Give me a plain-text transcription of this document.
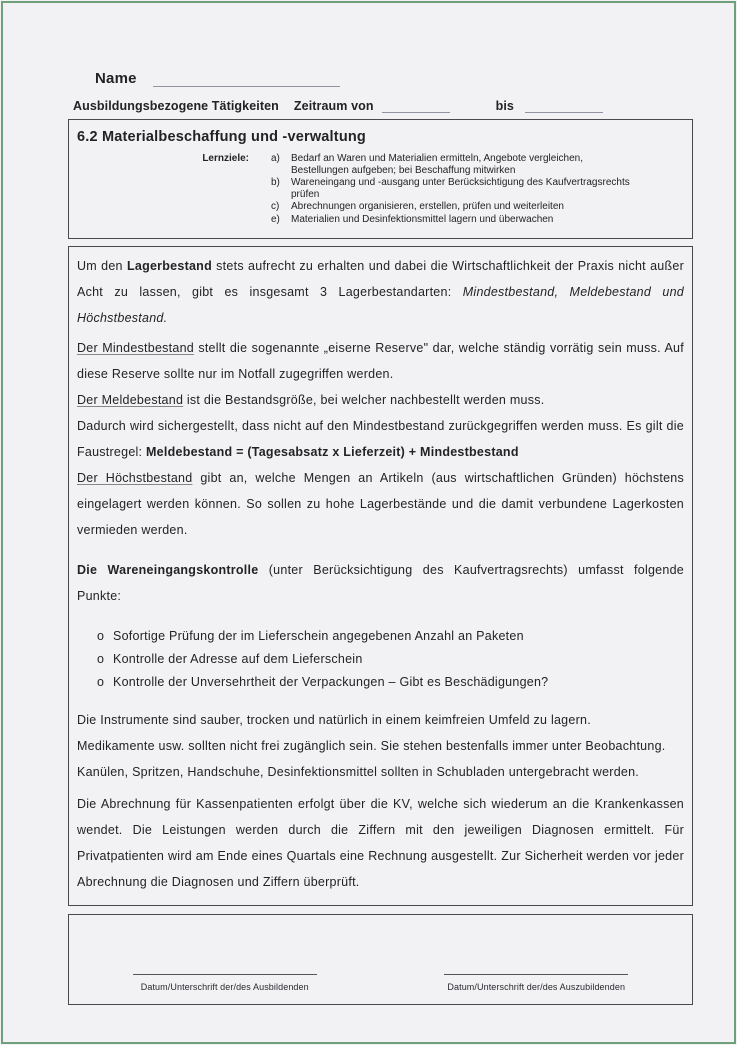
Name
Ausbildungsbezogene Tätigkeiten Zeitraum von	bis
6.2 Materialbeschaffung und -verwaltung
Lernziele: a)	Bedarf an Waren und Materialien ermitteln, Angebote vergleichen, Bestellungen aufgeben; bei Beschaffung mitwirken
b)	Wareneingang und -ausgang unter Berücksichtigung des Kaufvertragsrechts prüfen
c)	Abrechnungen organisieren, erstellen, prüfen und weiterleiten
e)	Materialien und Desinfektionsmittel lagern und überwachen

Um den Lagerbestand stets aufrecht zu erhalten und dabei die Wirtschaftlichkeit der Praxis nicht außer Acht zu lassen, gibt es insgesamt 3 Lagerbestandarten: Mindestbestand, Meldebestand und Höchstbestand.

Der Mindestbestand stellt die sogenannte „eiserne Reserve" dar, welche ständig vorrätig sein muss. Auf diese Reserve sollte nur im Notfall zugegriffen werden.

Der Meldebestand ist die Bestandsgröße, bei welcher nachbestellt werden muss.

Dadurch wird sichergestellt, dass nicht auf den Mindestbestand zurückgegriffen werden muss. Es gilt die Faustregel: Meldebestand = (Tagesabsatz x Lieferzeit) + Mindestbestand

Der Höchstbestand gibt an, welche Mengen an Artikeln (aus wirtschaftlichen Gründen) höchstens eingelagert werden können. So sollen zu hohe Lagerbestände und die damit verbundene Lagerkosten vermieden werden.

Die Wareneingangskontrolle (unter Berücksichtigung des Kaufvertragsrechts) umfasst folgende Punkte:

o Sofortige Prüfung der im Lieferschein angegebenen Anzahl an Paketen
o Kontrolle der Adresse auf dem Lieferschein
o Kontrolle der Unversehrtheit der Verpackungen – Gibt es Beschädigungen?

Die Instrumente sind sauber, trocken und natürlich in einem keimfreien Umfeld zu lagern.

Medikamente usw. sollten nicht frei zugänglich sein. Sie stehen bestenfalls immer unter Beobachtung.

Kanülen, Spritzen, Handschuhe, Desinfektionsmittel sollten in Schubladen untergebracht werden.

Die Abrechnung für Kassenpatienten erfolgt über die KV, welche sich wiederum an die Krankenkassen wendet. Die Leistungen werden durch die Ziffern mit den jeweiligen Diagnosen ermittelt. Für Privatpatienten wird am Ende eines Quartals eine Rechnung ausgestellt. Zur Sicherheit werden vor jeder Abrechnung die Diagnosen und Ziffern überprüft.

Datum/Unterschrift der/des Ausbildenden	Datum/Unterschrift der/des Auszubildenden
